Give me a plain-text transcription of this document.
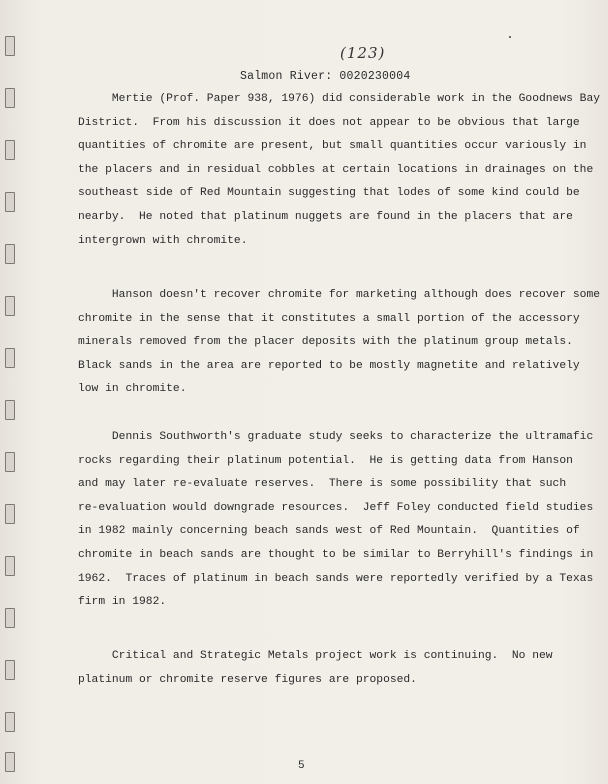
(123)
Salmon River: 0020230004
Mertie (Prof. Paper 938, 1976) did considerable work in the Goodnews Bay
District.  From his discussion it does not appear to be obvious that large
quantities of chromite are present, but small quantities occur variously in
the placers and in residual cobbles at certain locations in drainages on the
southeast side of Red Mountain suggesting that lodes of some kind could be
nearby.  He noted that platinum nuggets are found in the placers that are
intergrown with chromite.
Hanson doesn't recover chromite for marketing although does recover some
chromite in the sense that it constitutes a small portion of the accessory
minerals removed from the placer deposits with the platinum group metals.
Black sands in the area are reported to be mostly magnetite and relatively
low in chromite.
Dennis Southworth's graduate study seeks to characterize the ultramafic
rocks regarding their platinum potential.  He is getting data from Hanson
and may later re-evaluate reserves.  There is some possibility that such
re-evaluation would downgrade resources.  Jeff Foley conducted field studies
in 1982 mainly concerning beach sands west of Red Mountain.  Quantities of
chromite in beach sands are thought to be similar to Berryhill's findings in
1962.  Traces of platinum in beach sands were reportedly verified by a Texas
firm in 1982.
Critical and Strategic Metals project work is continuing.  No new
platinum or chromite reserve figures are proposed.
5
